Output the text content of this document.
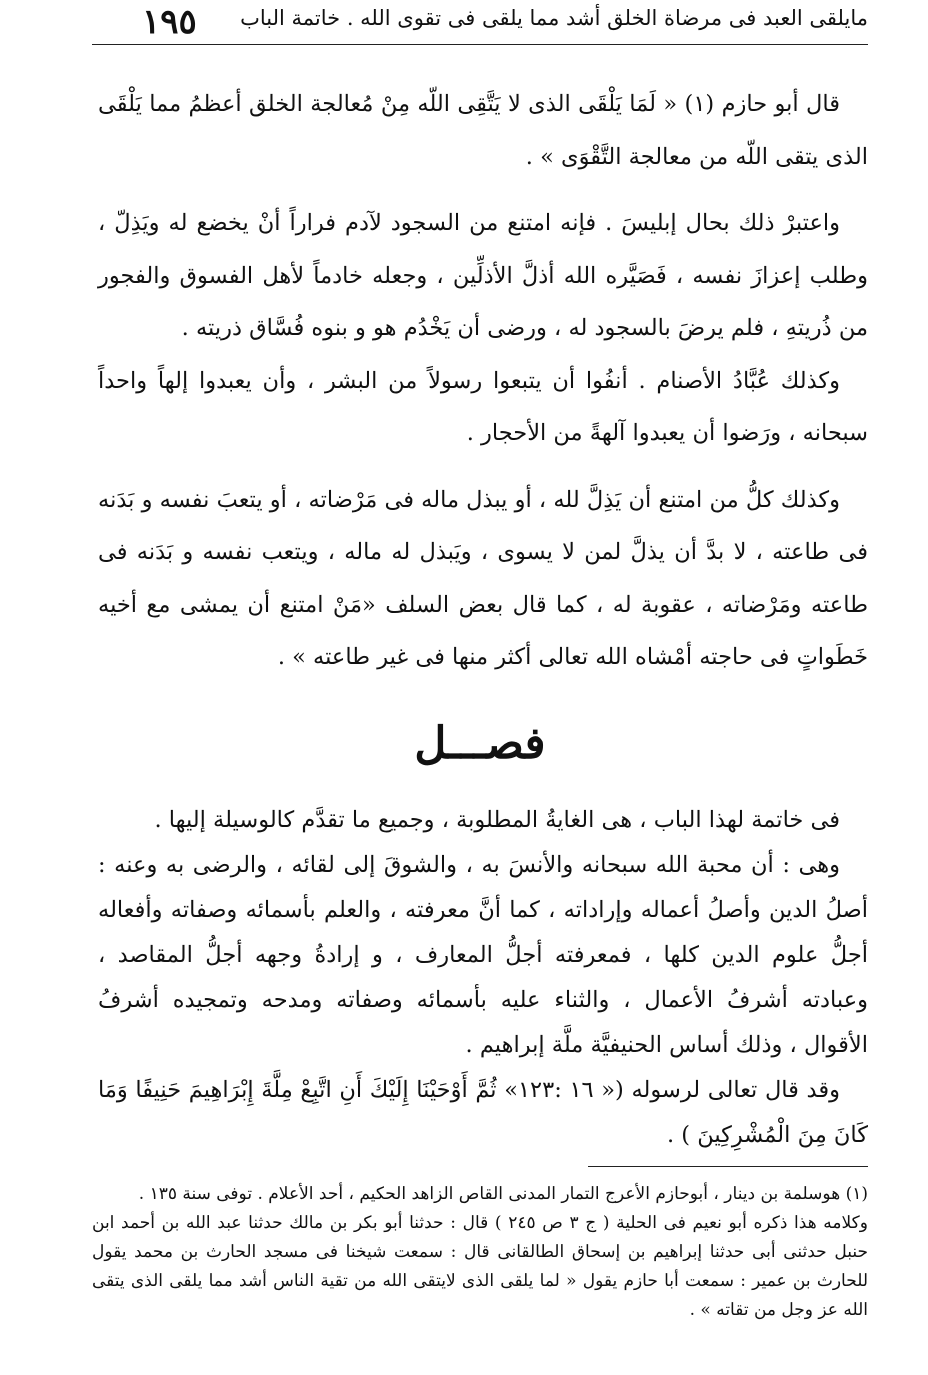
مايلقى العبد فى مرضاة الخلق أشد مما يلقى فى تقوى الله . خاتمة الباب
١٩٥

قال أبو حازم (١) « لَمَا يَلْقَى الذى لا يَتَّقِى اللّه مِنْ مُعالجة الخلق أعظمُ مما يَلْقَى الذى يتقى اللّه من معالجة التَّقْوَى » .

واعتبرْ ذلك بحال إبليسَ . فإنه امتنع من السجود لآدم فراراً أنْ يخضع له ويَذِلّ ، وطلب إعزازَ نفسه ، فَصَيَّره الله أذلَّ الأذلِّين ، وجعله خادماً لأهل الفسوق والفجور من ذُريتهِ ، فلم يرضَ بالسجود له ، ورضى أن يَخْدُم هو و بنوه فُسَّاق ذريته .

وكذلك عُبَّادُ الأصنام . أنفُوا أن يتبعوا رسولاً من البشر ، وأن يعبدوا إلهاً واحداً سبحانه ، ورَضوا أن يعبدوا آلهةً من الأحجار .

وكذلك كلُّ من امتنع أن يَذِلَّ لله ، أو يبذل ماله فى مَرْضاته ، أو يتعبَ نفسه و بَدَنه فى طاعته ، لا بدَّ أن يذلَّ لمن لا يسوى ، ويَبذل له ماله ، ويتعب نفسه و بَدَنه فى طاعته ومَرْضاته ، عقوبة له ، كما قال بعض السلف «مَنْ امتنع أن يمشى مع أخيه خَطَواتٍ فى حاجته أمْشاه الله تعالى أكثر منها فى غير طاعته » .

فصـــل

فى خاتمة لهذا الباب ، هى الغايةُ المطلوبة ، وجميع ما تقدَّم كالوسيلة إليها .

وهى : أن محبة الله سبحانه والأنسَ به ، والشوقَ إلى لقائه ، والرضى به وعنه : أصلُ الدين وأصلُ أعماله وإراداته ، كما أنَّ معرفته ، والعلم بأسمائه وصفاته وأفعاله أجلُّ علوم الدين كلها ، فمعرفته أجلُّ المعارف ، و إرادةُ وجهه أجلُّ المقاصد ، وعبادته أشرفُ الأعمال ، والثناء عليه بأسمائه وصفاته ومدحه وتمجيده أشرفُ الأقوال ، وذلك أساس الحنيفيَّة ملَّة إبراهيم .

وقد قال تعالى لرسوله (« ١٦ :١٢٣» ثُمَّ أَوْحَيْنَا إِلَيْكَ أَنِ اتَّبِعْ مِلَّةَ إِبْرَاهِيمَ حَنِيفًا وَمَا كَانَ مِنَ الْمُشْرِكِينَ ) .

(١) هوسلمة بن دينار ، أبوحازم الأعرج التمار المدنى القاص الزاهد الحكيم ، أحد الأعلام . توفى سنة ١٣٥ .

وكلامه هذا ذكره أبو نعيم فى الحلية ( ج ٣ ص ٢٤٥ ) قال : حدثنا أبو بكر بن مالك حدثنا عبد الله بن أحمد ابن حنبل حدثنى أبى حدثنا إبراهيم بن إسحاق الطالقانى قال : سمعت شيخنا فى مسجد الحارث بن محمد يقول للحارث بن عمير : سمعت أبا حازم يقول « لما يلقى الذى لايتقى الله من تقية الناس أشد مما يلقى الذى يتقى الله عز وجل من تقاته » .
